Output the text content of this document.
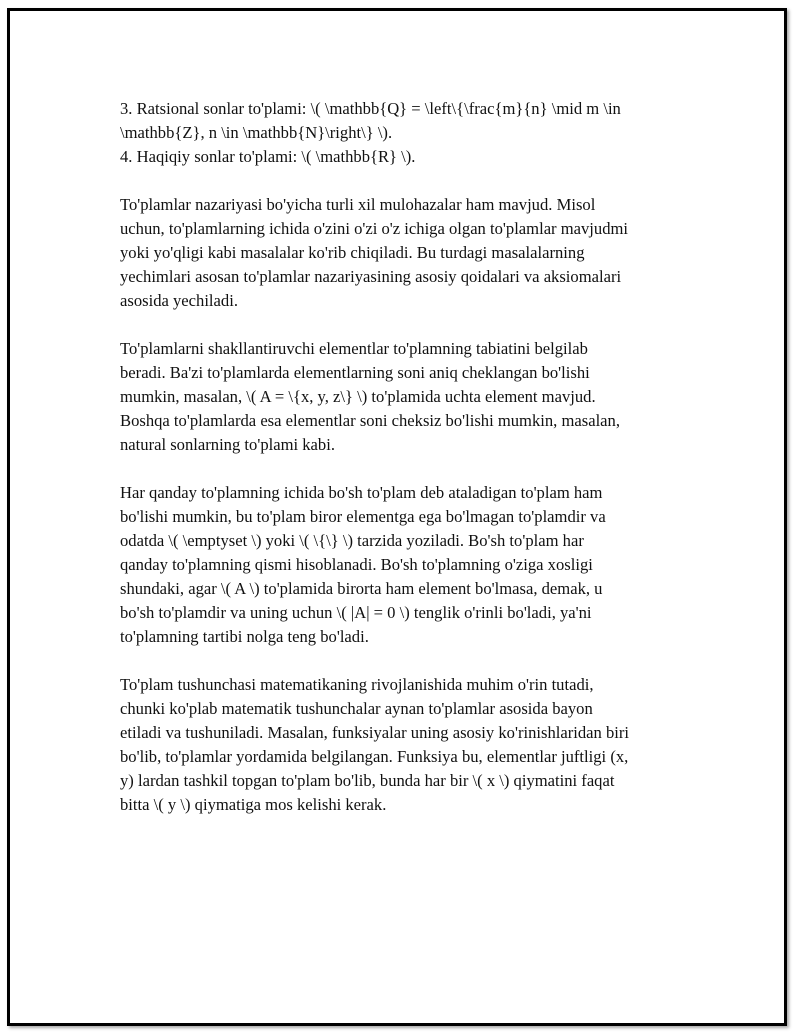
3. Ratsional sonlar to'plami: \( \mathbb{Q} = \left\{\frac{m}{n} \mid m \in
\mathbb{Z}, n \in \mathbb{N}\right\} \).
4. Haqiqiy sonlar to'plami: \( \mathbb{R} \).
To'plamlar nazariyasi bo'yicha turli xil mulohazalar ham mavjud. Misol
uchun, to'plamlarning ichida o'zini o'zi o'z ichiga olgan to'plamlar mavjudmi
yoki yo'qligi kabi masalalar ko'rib chiqiladi. Bu turdagi masalalarning
yechimlari asosan to'plamlar nazariyasining asosiy qoidalari va aksiomalari
asosida yechiladi.
To'plamlarni shakllantiruvchi elementlar to'plamning tabiatini belgilab
beradi. Ba'zi to'plamlarda elementlarning soni aniq cheklangan bo'lishi
mumkin, masalan, \( A = \{x, y, z\} \) to'plamida uchta element mavjud.
Boshqa to'plamlarda esa elementlar soni cheksiz bo'lishi mumkin, masalan,
natural sonlarning to'plami kabi.
Har qanday to'plamning ichida bo'sh to'plam deb ataladigan to'plam ham
bo'lishi mumkin, bu to'plam biror elementga ega bo'lmagan to'plamdir va
odatda \( \emptyset \) yoki \( \{\} \) tarzida yoziladi. Bo'sh to'plam har
qanday to'plamning qismi hisoblanadi. Bo'sh to'plamning o'ziga xosligi
shundaki, agar \( A \) to'plamida birorta ham element bo'lmasa, demak, u
bo'sh to'plamdir va uning uchun \( |A| = 0 \) tenglik o'rinli bo'ladi, ya'ni
to'plamning tartibi nolga teng bo'ladi.
To'plam tushunchasi matematikaning rivojlanishida muhim o'rin tutadi,
chunki ko'plab matematik tushunchalar aynan to'plamlar asosida bayon
etiladi va tushuniladi. Masalan, funksiyalar uning asosiy ko'rinishlaridan biri
bo'lib, to'plamlar yordamida belgilangan. Funksiya bu, elementlar juftligi (x,
y) lardan tashkil topgan to'plam bo'lib, bunda har bir \( x \) qiymatini faqat
bitta \( y \) qiymatiga mos kelishi kerak.
